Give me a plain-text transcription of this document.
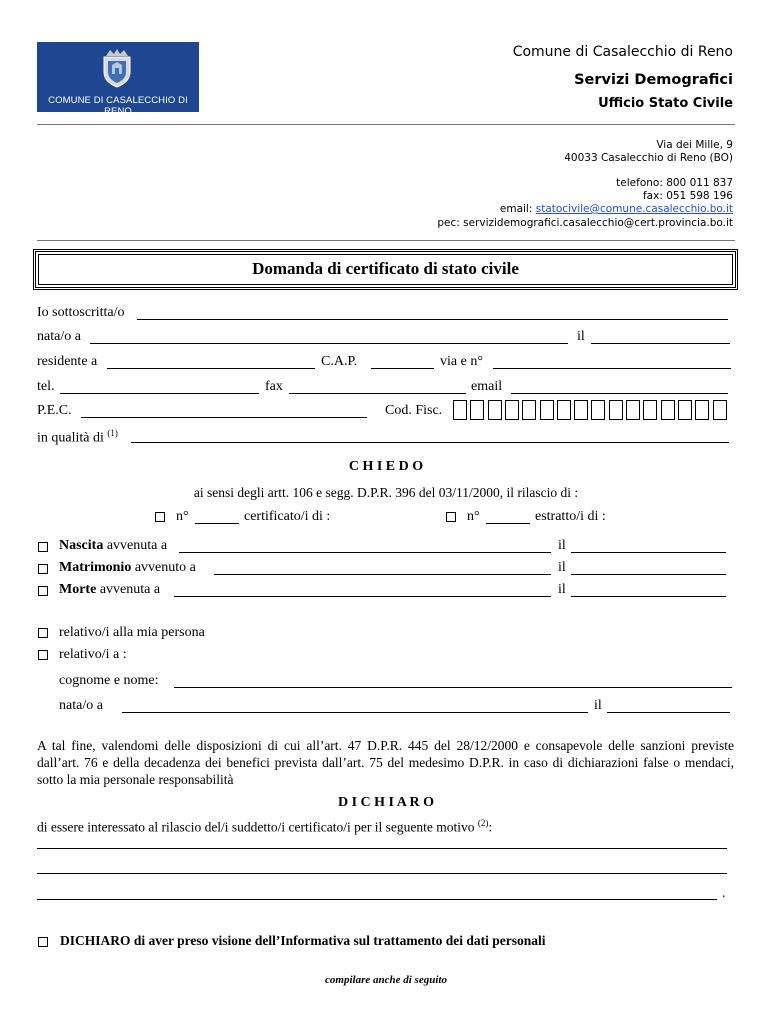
COMUNE DI CASALECCHIO DI RENO
Comune di Casalecchio di Reno
Servizi Demografici
Ufficio Stato Civile
Via dei Mille, 9
40033 Casalecchio di Reno (BO)
telefono: 800 011 837
fax: 051 598 196
email: statocivile@comune.casalecchio.bo.it
pec: servizidemografici.casalecchio@cert.provincia.bo.it
Domanda di certificato di stato civile
Io sottoscritta/o
nata/o a	il
residente a	C.A.P.	via e n°
tel.	fax	email
P.E.C.	Cod. Fisc.
in qualità di $^{(1)}$
C H I E D O
ai sensi degli artt. 106 e segg. D.P.R. 396 del 03/11/2000, il rilascio di :
n°	certificato/i di :	n°	estratto/i di :
Nascita avvenuta a	il
Matrimonio avvenuto a	il
Morte avvenuta a	il
relativo/i alla mia persona
relativo/i a :
cognome e nome:
nata/o a	il
A tal fine, valendomi delle disposizioni di cui all’art. 47 D.P.R. 445 del 28/12/2000 e consapevole delle sanzioni previste dall’art. 76 e della decadenza dei benefici prevista dall’art. 75 del medesimo D.P.R. in caso di dichiarazioni false o mendaci, sotto la mia personale responsabilità
D I C H I A R O
di essere interessato al rilascio del/i suddetto/i certificato/i per il seguente motivo $^{(2)}$:
.
DICHIARO di aver preso visione dell’Informativa sul trattamento dei dati personali
compilare anche di seguito
